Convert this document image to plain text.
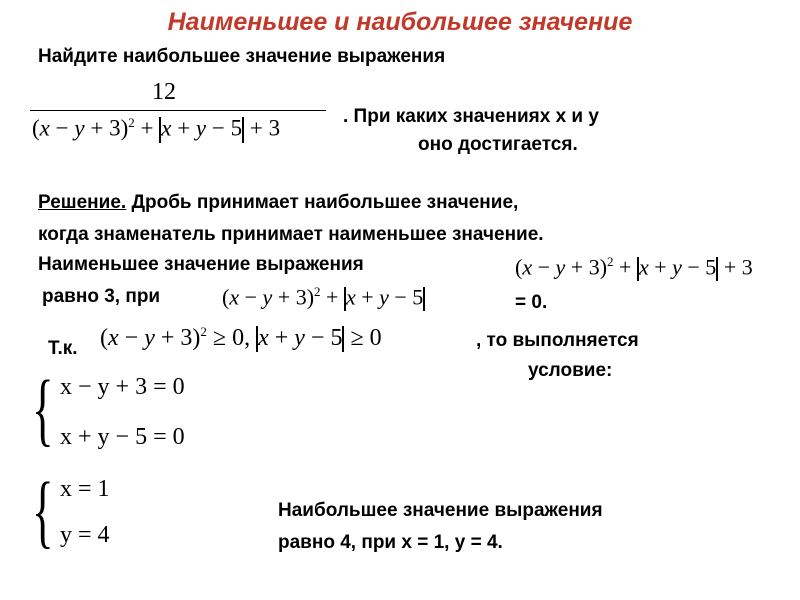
Наименьшее и наибольшее значение
Найдите наибольшее значение выражения
12
$(x - y + 3)^2 + x + y - 5 + 3$	. При каких значениях x и y
оно достигается.
Решение. Дробь принимает наибольшее значение,
когда знаменатель принимает наименьшее значение.
Наименьшее значение выражения	$(x - y + 3)^2 + x + y - 5 + 3$
равно 3, при	$(x - y + 3)^2 + x + y - 5$	= 0.
Т.к. $(x - y + 3)^2 \ge 0$, x + y − 5 ≥ 0	, то выполняется
условие:
{ x − y + 3 = 0
x + y − 5 = 0
{ x = 1
y = 4
Наибольшее значение выражения
равно 4, при x = 1, y = 4.
